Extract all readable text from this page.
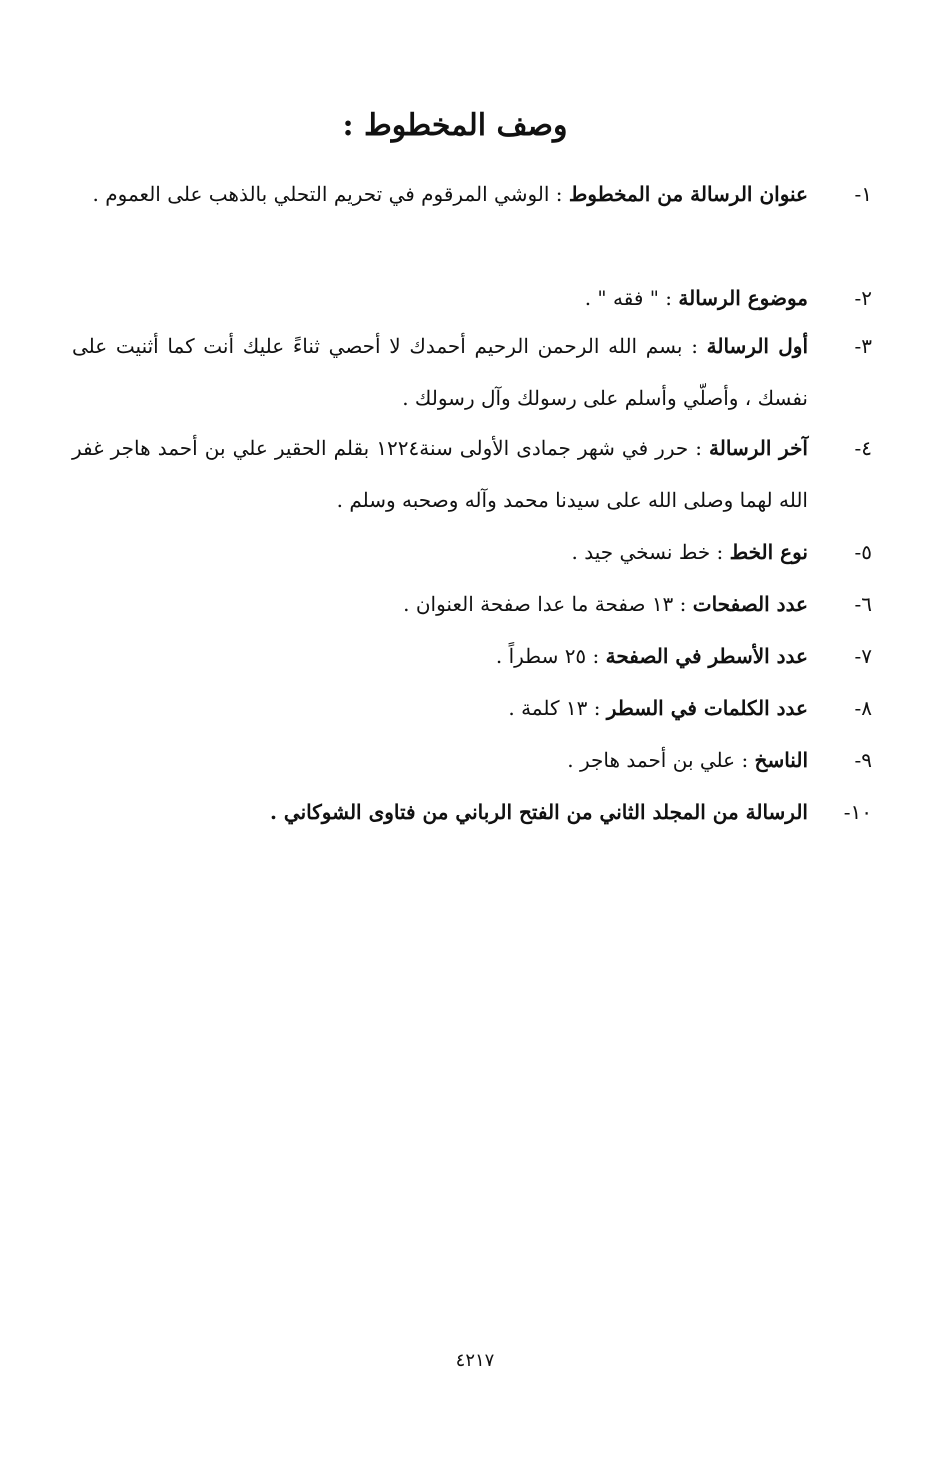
وصف المخطوط :
١-
عنوان الرسالة من المخطوط : الوشي المرقوم في تحريم التحلي بالذهب على العموم .
٢-
موضوع الرسالة : " فقه " .
٣-
أول الرسالة : بسم الله الرحمن الرحيم أحمدك لا أحصي ثناءً عليك أنت كما أثنيت على نفسك ، وأصلّي وأسلم على رسولك وآل رسولك .
٤-
آخر الرسالة : حرر في شهر جمادى الأولى سنة١٢٢٤ بقلم الحقير علي بن أحمد هاجر غفر الله لهما وصلى الله على سيدنا محمد وآله وصحبه وسلم .
٥-
نوع الخط : خط نسخي جيد .
٦-
عدد الصفحات : ١٣ صفحة ما عدا صفحة العنوان .
٧-
عدد الأسطر في الصفحة : ٢٥ سطراً .
٨-
عدد الكلمات في السطر : ١٣ كلمة .
٩-
الناسخ : علي بن أحمد هاجر .
١٠-
الرسالة من المجلد الثاني من الفتح الرباني من فتاوى الشوكاني .
٤٢١٧
